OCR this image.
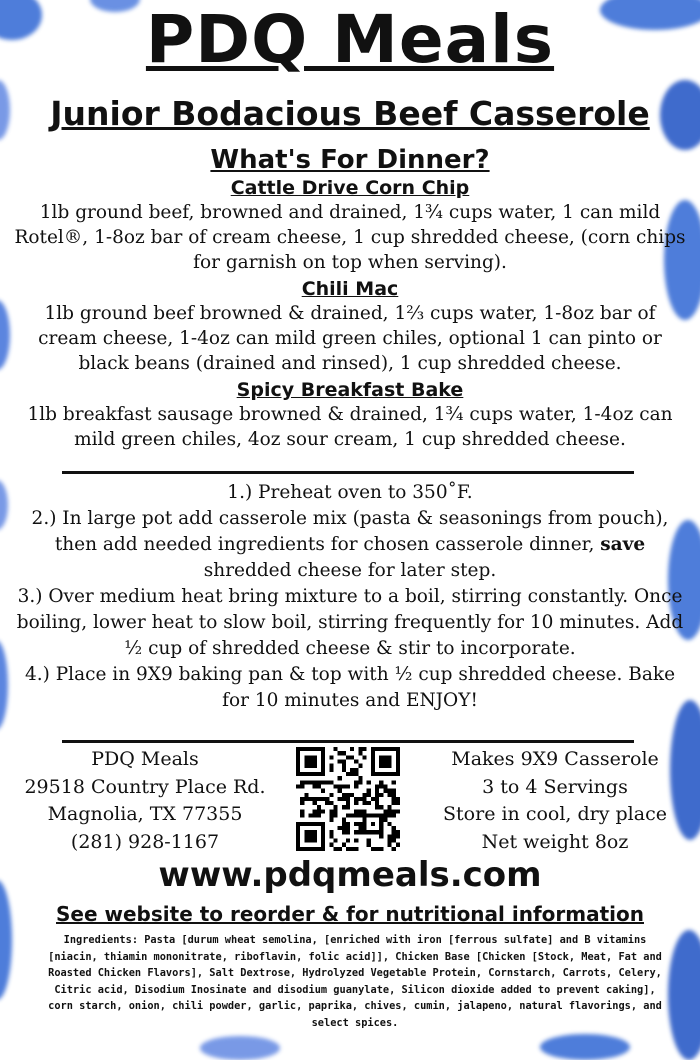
PDQ Meals
Junior Bodacious Beef Casserole
What's For Dinner?
Cattle Drive Corn Chip
1lb ground beef, browned and drained, 1¾ cups water, 1 can mild Rotel®, 1-8oz bar of cream cheese, 1 cup shredded cheese, (corn chips for garnish on top when serving).
Chili Mac
1lb ground beef browned & drained, 1⅔ cups water, 1-8oz bar of cream cheese, 1-4oz can mild green chiles, optional 1 can pinto or black beans (drained and rinsed), 1 cup shredded cheese.
Spicy Breakfast Bake
1lb breakfast sausage browned & drained, 1¾ cups water, 1-4oz can mild green chiles, 4oz sour cream, 1 cup shredded cheese.

1.) Preheat oven to 350˚F.

2.) In large pot add casserole mix (pasta & seasonings from pouch), then add needed ingredients for chosen casserole dinner, save shredded cheese for later step.

3.) Over medium heat bring mixture to a boil, stirring constantly. Once boiling, lower heat to slow boil, stirring frequently for 10 minutes. Add ½ cup of shredded cheese & stir to incorporate.

4.) Place in 9X9 baking pan & top with ½ cup shredded cheese. Bake for 10 minutes and ENJOY!

PDQ Meals
29518 Country Place Rd.
Magnolia, TX 77355
(281) 928-1167
Makes 9X9 Casserole
3 to 4 Servings
Store in cool, dry place
Net weight 8oz
www.pdqmeals.com
See website to reorder & for nutritional information
Ingredients: Pasta [durum wheat semolina, [enriched with iron [ferrous sulfate] and B vitamins [niacin, thiamin mononitrate, riboflavin, folic acid]], Chicken Base [Chicken [Stock, Meat, Fat and Roasted Chicken Flavors], Salt Dextrose, Hydrolyzed Vegetable Protein, Cornstarch, Carrots, Celery, Citric acid, Disodium Inosinate and disodium guanylate, Silicon dioxide added to prevent caking], corn starch, onion, chili powder, garlic, paprika, chives, cumin, jalapeno, natural flavorings, and select spices.
